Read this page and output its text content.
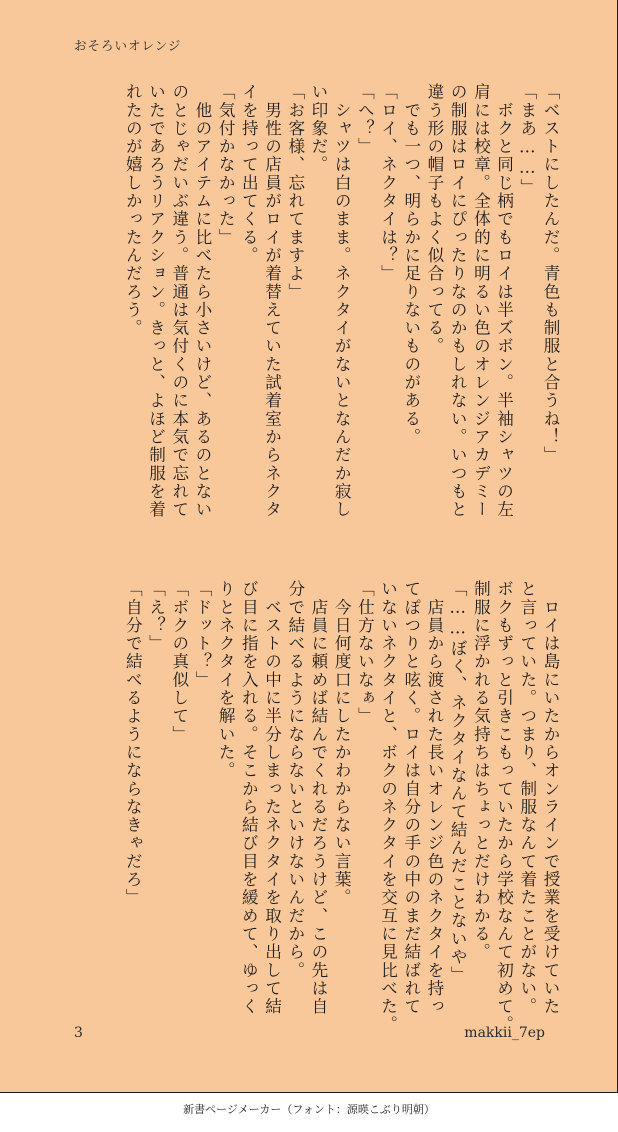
おそろいオレンジ
「ベストにしたんだ。青色も制服と合うね！」
「まあ……」
　ボクと同じ柄でもロイは半ズボン。半袖シャツの左
肩には校章。全体的に明るい色のオレンジアカデミー
の制服はロイにぴったりなのかもしれない。いつもと
違う形の帽子もよく似合ってる。
　でも一つ、明らかに足りないものがある。
「ロイ、ネクタイは？」
「へ？」
　シャツは白のまま。ネクタイがないとなんだか寂し
い印象だ。
「お客様、忘れてますよ」
　男性の店員がロイが着替えていた試着室からネクタ
イを持って出てくる。
「気付かなかった」
　他のアイテムに比べたら小さいけど、あるのとない
のとじゃだいぶ違う。普通は気付くのに本気で忘れて
いたであろうリアクション。きっと、よほど制服を着
れたのが嬉しかったんだろう。
　ロイは島にいたからオンラインで授業を受けていた
と言っていた。つまり、制服なんて着たことがない。
ボクもずっと引きこもっていたから学校なんて初めて。
制服に浮かれる気持ちはちょっとだけわかる。
「……ぼく、ネクタイなんて結んだことないや」
　店員から渡された長いオレンジ色のネクタイを持っ
てぽつりと呟く。ロイは自分の手の中のまだ結ばれて
いないネクタイと、ボクのネクタイを交互に見比べた。
「仕方ないなぁ」
　今日何度口にしたかわからない言葉。
　店員に頼めば結んでくれるだろうけど、この先は自
分で結べるようにならないといけないんだから。
　ベストの中に半分しまったネクタイを取り出して結
び目に指を入れる。そこから結び目を緩めて、ゆっく
りとネクタイを解いた。
「ドット？」
「ボクの真似して」
「え？」
「自分で結べるようにならなきゃだろ」
3	makkii_7ep
新書ページメーカー（フォント：源暎こぶり明朝）
